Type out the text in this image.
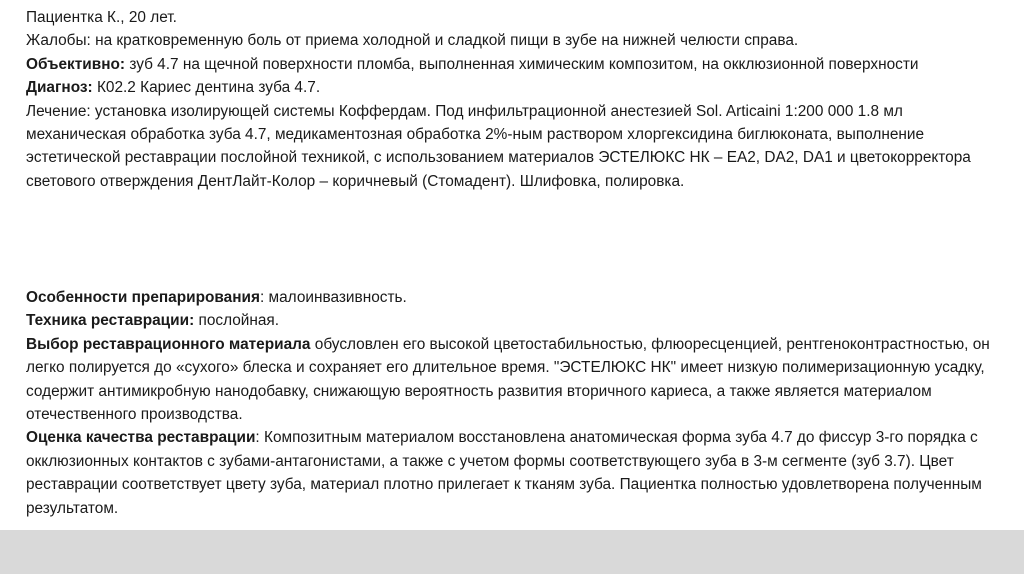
Пациентка К., 20 лет.

Жалобы: на кратковременную боль от приема холодной и сладкой пищи в зубе на нижней челюсти справа.

Объективно: зуб 4.7 на щечной поверхности пломба, выполненная химическим композитом, на окклюзионной поверхности

Диагноз: К02.2 Кариес дентина зуба 4.7.

Лечение: установка изолирующей системы Коффердам. Под инфильтрационной анестезией Sol. Articaini 1:200 000 1.8 мл механическая обработка зуба 4.7, медикаментозная обработка 2%-ным раствором хлоргексидина биглюконата, выполнение эстетической реставрации послойной техникой, с использованием материалов ЭСТЕЛЮКС НК – EA2, DA2, DA1 и цветокорректора светового отверждения ДентЛайт-Колор – коричневый (Стомадент). Шлифовка, полировка.

Особенности препарирования: малоинвазивность.

Техника реставрации: послойная.

Выбор реставрационного материала обусловлен его высокой цветостабильностью, флюоресценцией, рентгеноконтрастностью, он легко полируется до «сухого» блеска и сохраняет его длительное время. "ЭСТЕЛЮКС НК" имеет низкую полимеризационную усадку, содержит антимикробную нанодобавку, снижающую вероятность развития вторичного кариеса, а также является материалом отечественного производства.

Оценка качества реставрации: Композитным материалом восстановлена анатомическая форма зуба 4.7 до фиссур 3-го порядка с окклюзионных контактов с зубами-антагонистами, а также с учетом формы соответствующего зуба в 3-м сегменте (зуб 3.7). Цвет реставрации соответствует цвету зуба, материал плотно прилегает к тканям зуба. Пациентка полностью удовлетворена полученным результатом.
